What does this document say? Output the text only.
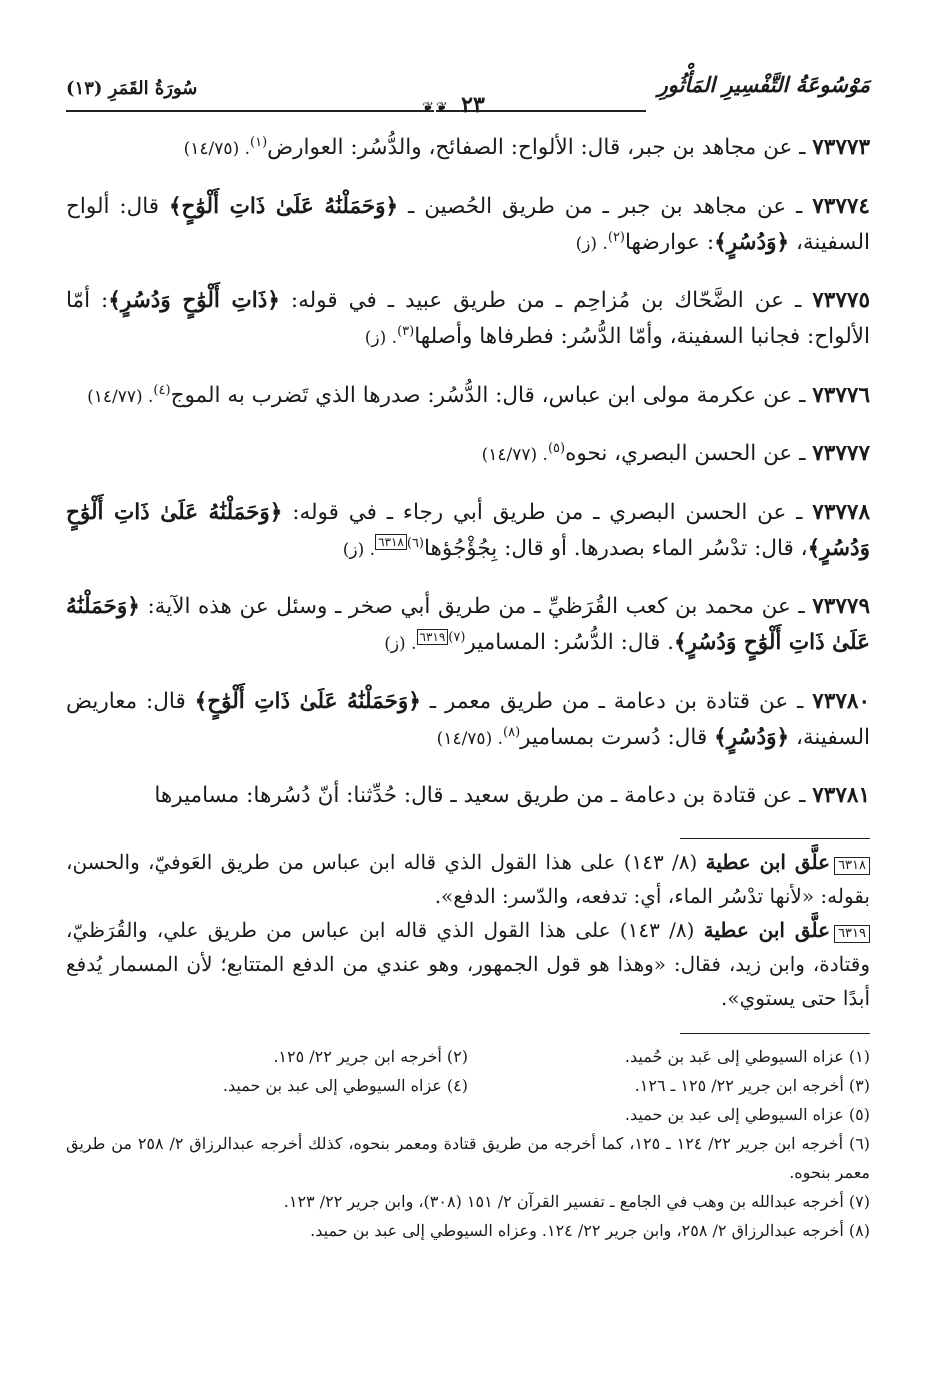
مَوْسُوعَةُ التَّفْسِيرِ المَأْثُورِ
❦	٢٣
❦
سُورَةُ القَمَرِ (١٣)

٧٣٧٧٣ ـ عن مجاهد بن جبر، قال: الألواح: الصفائح، والدُّسُر: العوارض$^{(١)}$. (١٤/٧٥)

٧٣٧٧٤ ـ عن مجاهد بن جبر ـ من طريق الحُصين ـ ﴿وَحَمَلْنَٰهُ عَلَىٰ ذَاتِ أَلْوَٰحٍ﴾ قال: ألواح السفينة، ﴿وَدُسُرٍ﴾: عوارضها$^{(٢)}$. (ز)

٧٣٧٧٥ ـ عن الضَّحّاك بن مُزاحِم ـ من طريق عبيد ـ في قوله: ﴿ذَاتِ أَلْوَٰحٍ وَدُسُرٍ﴾: أمّا الألواح: فجانبا السفينة، وأمّا الدُّسُر: فطرفاها وأصلها$^{(٣)}$. (ز)

٧٣٧٧٦ ـ عن عكرمة مولى ابن عباس، قال: الدُّسُر: صدرها الذي تَضرب به الموج$^{(٤)}$. (١٤/٧٧)

٧٣٧٧٧ ـ عن الحسن البصري، نحوه$^{(٥)}$. (١٤/٧٧)

٧٣٧٧٨ ـ عن الحسن البصري ـ من طريق أبي رجاء ـ في قوله: ﴿وَحَمَلْنَٰهُ عَلَىٰ ذَاتِ أَلْوَٰحٍ وَدُسُرٍ﴾، قال: تدْسُر الماء بصدرها. أو قال: بِجُؤْجُؤها$^{(٦)}$٦٣١٨. (ز)

٧٣٧٧٩ ـ عن محمد بن كعب القُرَظيِّ ـ من طريق أبي صخر ـ وسئل عن هذه الآية: ﴿وَحَمَلْنَٰهُ عَلَىٰ ذَاتِ أَلْوَٰحٍ وَدُسُرٍ﴾. قال: الدُّسُر: المسامير$^{(٧)}$٦٣١٩. (ز)

٧٣٧٨٠ ـ عن قتادة بن دعامة ـ من طريق معمر ـ ﴿وَحَمَلْنَٰهُ عَلَىٰ ذَاتِ أَلْوَٰحٍ﴾ قال: معاريض السفينة، ﴿وَدُسُرٍ﴾ قال: دُسرت بمسامير$^{(٨)}$. (١٤/٧٥)

٧٣٧٨١ ـ عن قتادة بن دعامة ـ من طريق سعيد ـ قال: حُدِّثنا: أنّ دُسُرها: مساميرها

٦٣١٨علَّق ابن عطية (٨/ ١٤٣) على هذا القول الذي قاله ابن عباس من طريق العَوفيّ، والحسن، بقوله: «لأنها تدْسُر الماء، أي: تدفعه، والدّسر: الدفع».

٦٣١٩علَّق ابن عطية (٨/ ١٤٣) على هذا القول الذي قاله ابن عباس من طريق علي، والقُرَظيّ، وقتادة، وابن زيد، فقال: «وهذا هو قول الجمهور، وهو عندي من الدفع المتتابع؛ لأن المسمار يُدفع أبدًا حتى يستوي».

(١) عزاه السيوطي إلى عَبد بن حُميد.
(٢) أخرجه ابن جرير ٢٢/ ١٢٥.
(٣) أخرجه ابن جرير ٢٢/ ١٢٥ ـ ١٢٦.
(٤) عزاه السيوطي إلى عبد بن حميد.
(٥) عزاه السيوطي إلى عبد بن حميد.
(٦) أخرجه ابن جرير ٢٢/ ١٢٤ ـ ١٢٥، كما أخرجه من طريق قتادة ومعمر بنحوه، كذلك أخرجه عبدالرزاق ٢/ ٢٥٨ من طريق معمر بنحوه.
(٧) أخرجه عبدالله بن وهب في الجامع ـ تفسير القرآن ٢/ ١٥١ (٣٠٨)، وابن جرير ٢٢/ ١٢٣.
(٨) أخرجه عبدالرزاق ٢/ ٢٥٨، وابن جرير ٢٢/ ١٢٤. وعزاه السيوطي إلى عبد بن حميد.
